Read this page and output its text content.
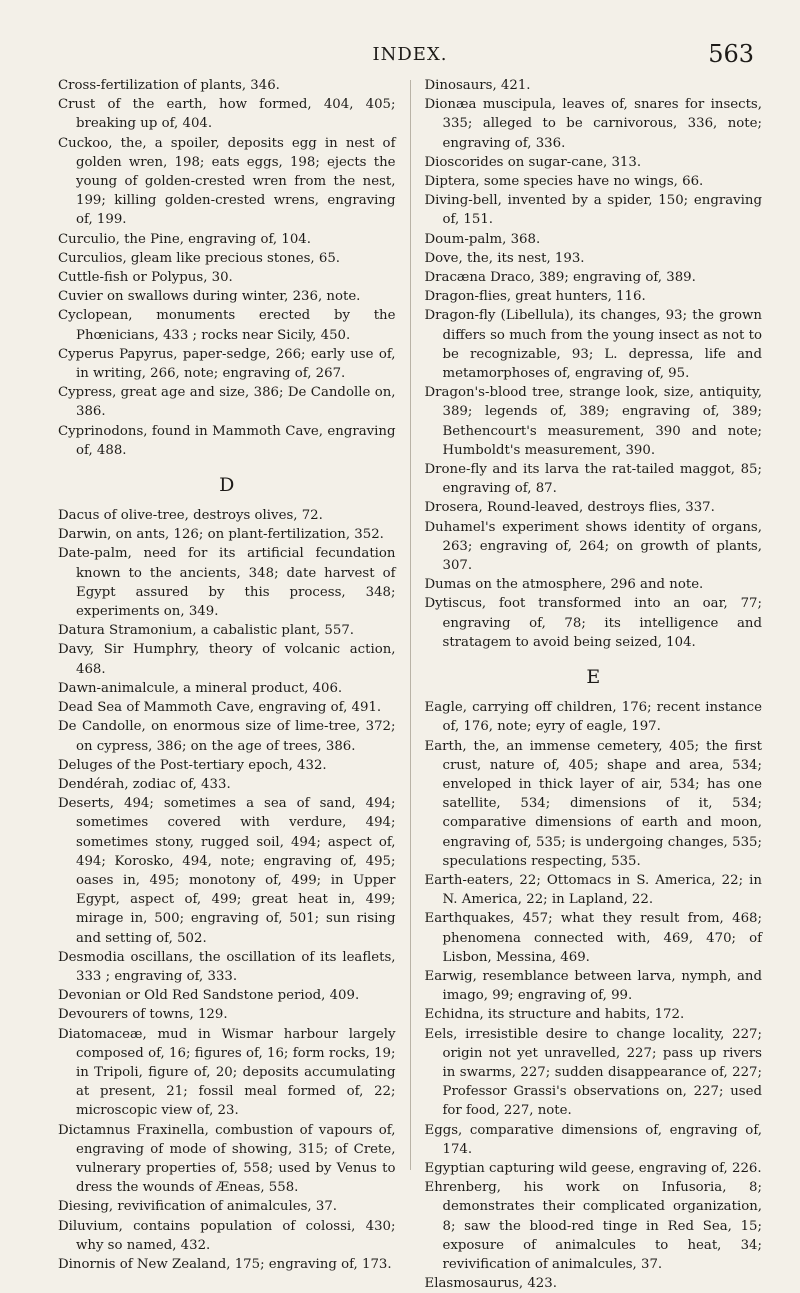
INDEX.	563

Cross-fertilization of plants, 346.

Crust of the earth, how formed, 404, 405; breaking up of, 404.

Cuckoo, the, a spoiler, deposits egg in nest of golden wren, 198; eats eggs, 198; ejects the young of golden-crested wren from the nest, 199; killing golden-crested wrens, engraving of, 199.

Curculio, the Pine, engraving of, 104.

Curculios, gleam like precious stones, 65.

Cuttle-fish or Polypus, 30.

Cuvier on swallows during winter, 236, note.

Cyclopean, monuments erected by the Phœnicians, 433 ; rocks near Sicily, 450.

Cyperus Papyrus, paper-sedge, 266; early use of, in writing, 266, note; engraving of, 267.

Cypress, great age and size, 386; De Candolle on, 386.

Cyprinodons, found in Mammoth Cave, engraving of, 488.

D

Dacus of olive-tree, destroys olives, 72.

Darwin, on ants, 126; on plant-fertilization, 352.

Date-palm, need for its artificial fecundation known to the ancients, 348; date harvest of Egypt assured by this process, 348; experiments on, 349.

Datura Stramonium, a cabalistic plant, 557.

Davy, Sir Humphry, theory of volcanic action, 468.

Dawn-animalcule, a mineral product, 406.

Dead Sea of Mammoth Cave, engraving of, 491.

De Candolle, on enormous size of lime-tree, 372; on cypress, 386; on the age of trees, 386.

Deluges of the Post-tertiary epoch, 432.

Dendérah, zodiac of, 433.

Deserts, 494; sometimes a sea of sand, 494; sometimes covered with verdure, 494; sometimes stony, rugged soil, 494; aspect of, 494; Korosko, 494, note; engraving of, 495; oases in, 495; monotony of, 499; in Upper Egypt, aspect of, 499; great heat in, 499; mirage in, 500; engraving of, 501; sun rising and setting of, 502.

Desmodia oscillans, the oscillation of its leaflets, 333 ; engraving of, 333.

Devonian or Old Red Sandstone period, 409.

Devourers of towns, 129.

Diatomaceæ, mud in Wismar harbour largely composed of, 16; figures of, 16; form rocks, 19; in Tripoli, figure of, 20; deposits accumulating at present, 21; fossil meal formed of, 22; microscopic view of, 23.

Dictamnus Fraxinella, combustion of vapours of, engraving of mode of showing, 315; of Crete, vulnerary properties of, 558; used by Venus to dress the wounds of Æneas, 558.

Diesing, revivification of animalcules, 37.

Diluvium, contains population of colossi, 430; why so named, 432.

Dinornis of New Zealand, 175; engraving of, 173.

Dinosaurs, 421.

Dionæa muscipula, leaves of, snares for insects, 335; alleged to be carnivorous, 336, note; engraving of, 336.

Dioscorides on sugar-cane, 313.

Diptera, some species have no wings, 66.

Diving-bell, invented by a spider, 150; engraving of, 151.

Doum-palm, 368.

Dove, the, its nest, 193.

Dracæna Draco, 389; engraving of, 389.

Dragon-flies, great hunters, 116.

Dragon-fly (Libellula), its changes, 93; the grown differs so much from the young insect as not to be recognizable, 93; L. depressa, life and metamorphoses of, engraving of, 95.

Dragon's-blood tree, strange look, size, antiquity, 389; legends of, 389; engraving of, 389; Bethencourt's measurement, 390 and note; Humboldt's measurement, 390.

Drone-fly and its larva the rat-tailed maggot, 85; engraving of, 87.

Drosera, Round-leaved, destroys flies, 337.

Duhamel's experiment shows identity of organs, 263; engraving of, 264; on growth of plants, 307.

Dumas on the atmosphere, 296 and note.

Dytiscus, foot transformed into an oar, 77; engraving of, 78; its intelligence and stratagem to avoid being seized, 104.

E

Eagle, carrying off children, 176; recent instance of, 176, note; eyry of eagle, 197.

Earth, the, an immense cemetery, 405; the first crust, nature of, 405; shape and area, 534; enveloped in thick layer of air, 534; has one satellite, 534; dimensions of it, 534; comparative dimensions of earth and moon, engraving of, 535; is undergoing changes, 535; speculations respecting, 535.

Earth-eaters, 22; Ottomacs in S. America, 22; in N. America, 22; in Lapland, 22.

Earthquakes, 457; what they result from, 468; phenomena connected with, 469, 470; of Lisbon, Messina, 469.

Earwig, resemblance between larva, nymph, and imago, 99; engraving of, 99.

Echidna, its structure and habits, 172.

Eels, irresistible desire to change locality, 227; origin not yet unravelled, 227; pass up rivers in swarms, 227; sudden disappearance of, 227; Professor Grassi's observations on, 227; used for food, 227, note.

Eggs, comparative dimensions of, engraving of, 174.

Egyptian capturing wild geese, engraving of, 226.

Ehrenberg, his work on Infusoria, 8; demonstrates their complicated organization, 8; saw the blood-red tinge in Red Sea, 15; exposure of animalcules to heat, 34; revivification of animalcules, 37.

Elasmosaurus, 423.
